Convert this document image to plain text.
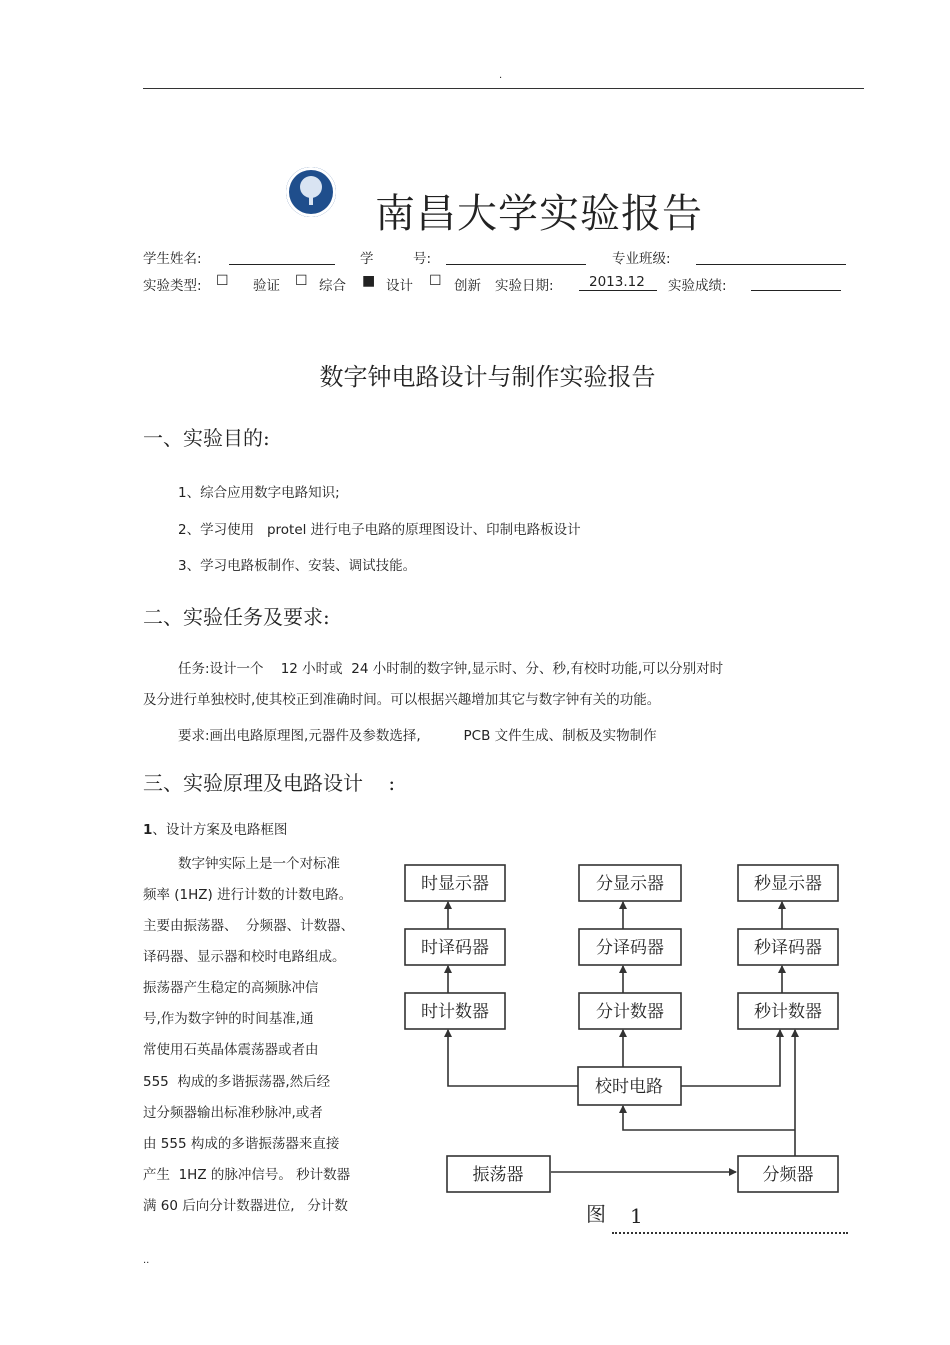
.
南昌大学实验报告
学生姓名:	学	号:	专业班级:
实验类型: ☐ 验证 ☐ 综合 ■ 设计 ☐ 创新 实验日期:	2013.12 实验成绩:
数字钟电路设计与制作实验报告
一、实验目的:
1、综合应用数字电路知识;
2、学习使用   protel 进行电子电路的原理图设计、印制电路板设计
3、学习电路板制作、安装、调试技能。
二、实验任务及要求:
任务:设计一个    12 小时或  24 小时制的数字钟,显示时、分、秒,有校时功能,可以分别对时
及分进行单独校时,使其校正到准确时间。可以根据兴趣增加其它与数字钟有关的功能。
要求:画出电路原理图,元器件及参数选择,          PCB 文件生成、制板及实物制作
三、实验原理及电路设计    :
1、设计方案及电路框图
数字钟实际上是一个对标准
频率 (1HZ) 进行计数的计数电路。
主要由振荡器、  分频器、计数器、
译码器、显示器和校时电路组成。
振荡器产生稳定的高频脉冲信
号,作为数字钟的时间基准,通
常使用石英晶体震荡器或者由
555  构成的多谐振荡器,然后经
过分频器输出标准秒脉冲,或者
由 555 构成的多谐振荡器来直接
产生  1HZ 的脉冲信号。 秒计数器
满 60 后向分计数器进位,   分计数
时显示器	分显示器	秒显示器
时译码器	分译码器	秒译码器
时计数器	分计数器	秒计数器
校时电路
振荡器	分频器
图 1
..
